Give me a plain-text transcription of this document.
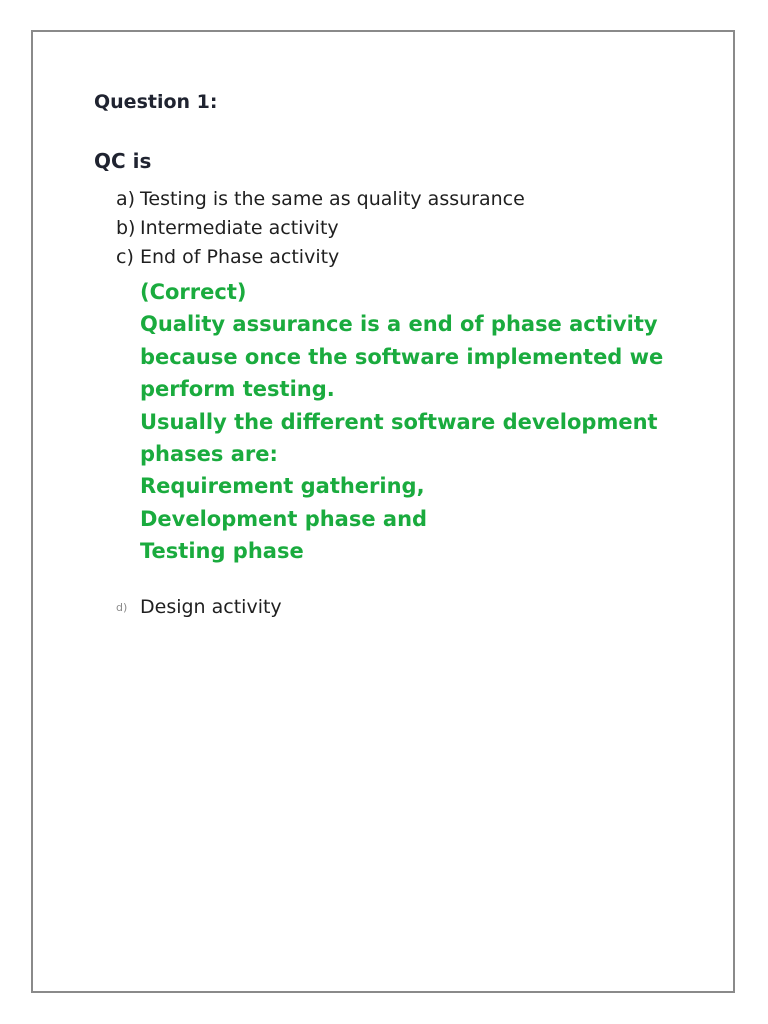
Question 1:
QC is
a) Testing is the same as quality assurance
b) Intermediate activity
c) End of Phase activity
(Correct)
Quality assurance is a end of phase activity
because once the software implemented we
perform testing.
Usually the different software development
phases are:
Requirement gathering,
Development phase and
Testing phase
d) Design activity
